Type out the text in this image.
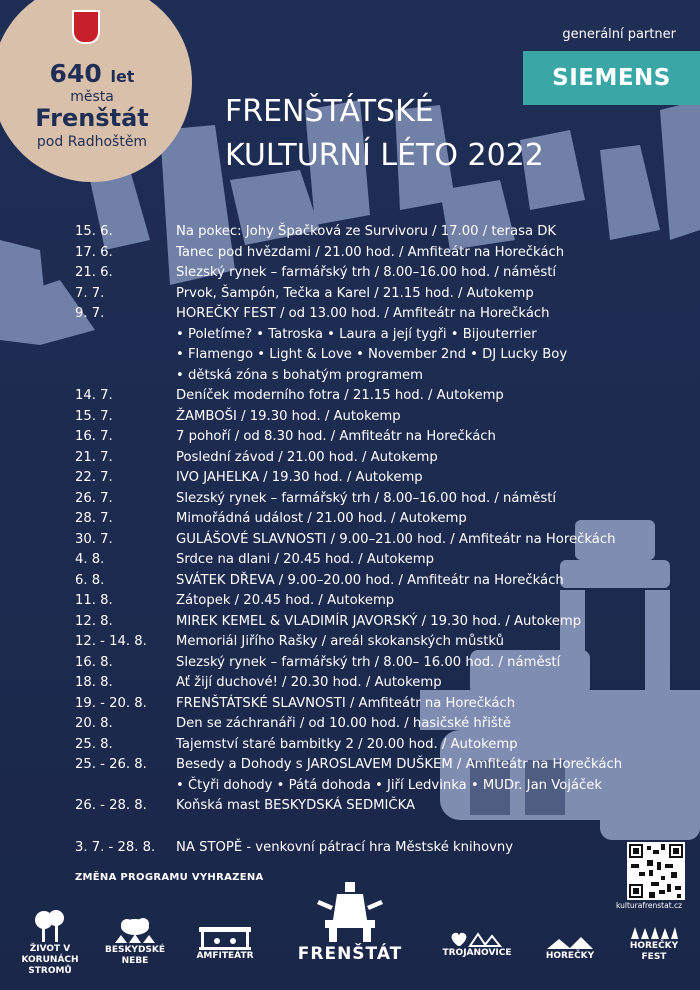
640 let
města
Frenštát
pod Radhoštěm
generální partner
SIEMENS
FRENŠTÁTSKÉ
KULTURNÍ LÉTO 2022
15. 6.	Na pokec: Johy Špačková ze Survivoru / 17.00 / terasa DK
17. 6.	Tanec pod hvězdami / 21.00 hod. / Amfiteátr na Horečkách
21. 6.	Slezský rynek – farmářský trh / 8.00–16.00 hod. / náměstí
7. 7.	Prvok, Šampón, Tečka a Karel / 21.15 hod. / Autokemp
9. 7.	HOREČKY FEST / od 13.00 hod. / Amfiteátr na Horečkách
• Poletíme? • Tatroska • Laura a její tygři • Bijouterrier
• Flamengo • Light & Love • November 2nd • DJ Lucky Boy
• dětská zóna s bohatým programem
14. 7.	Deníček moderního fotra / 21.15 hod. / Autokemp
15. 7.	ŽAMBOŠI / 19.30 hod. / Autokemp
16. 7.	7 pohoří / od 8.30 hod. / Amfiteátr na Horečkách
21. 7.	Poslední závod / 21.00 hod. / Autokemp
22. 7.	IVO JAHELKA / 19.30 hod. / Autokemp
26. 7.	Slezský rynek – farmářský trh / 8.00–16.00 hod. / náměstí
28. 7.	Mimořádná událost / 21.00 hod. / Autokemp
30. 7.	GULÁŠOVÉ SLAVNOSTI / 9.00–21.00 hod. / Amfiteátr na Horečkách
4. 8.	Srdce na dlani / 20.45 hod. / Autokemp
6. 8.	SVÁTEK DŘEVA / 9.00–20.00 hod. / Amfiteátr na Horečkách
11. 8.	Zátopek / 20.45 hod. / Autokemp
12. 8.	MIREK KEMEL & VLADIMÍR JAVORSKÝ / 19.30 hod. / Autokemp
12. - 14. 8. Memoriál Jiřího Rašky / areál skokanských můstků
16. 8.	Slezský rynek – farmářský trh / 8.00– 16.00 hod. / náměstí
18. 8.	Ať žijí duchové! / 20.30 hod. / Autokemp
19. - 20. 8. FRENŠTÁTSKÉ SLAVNOSTI / Amfiteátr na Horečkách
20. 8.	Den se záchranáři / od 10.00 hod. / hasičské hřiště
25. 8.	Tajemství staré bambitky 2 / 20.00 hod. / Autokemp
25. - 26. 8. Besedy a Dohody s JAROSLAVEM DUŠKEM / Amfiteátr na Horečkách
• Čtyři dohody • Pátá dohoda • Jiří Ledvinka • MUDr. Jan Vojáček
26. - 28. 8. Koňská mast BESKYDSKÁ SEDMIČKA
3. 7. - 28. 8. NA STOPĚ - venkovní pátrací hra Městské knihovny
ZMĚNA PROGRAMU VYHRAZENA
kulturafrenstat.cz
ŽIVOT V
KORUNÁCH
STROMŮ
BESKYDSKÉ
NEBE	AMFITEÁTR	FRENŠTÁT	TROJANOVICE	HOREČKY
HOREČKY
FEST
